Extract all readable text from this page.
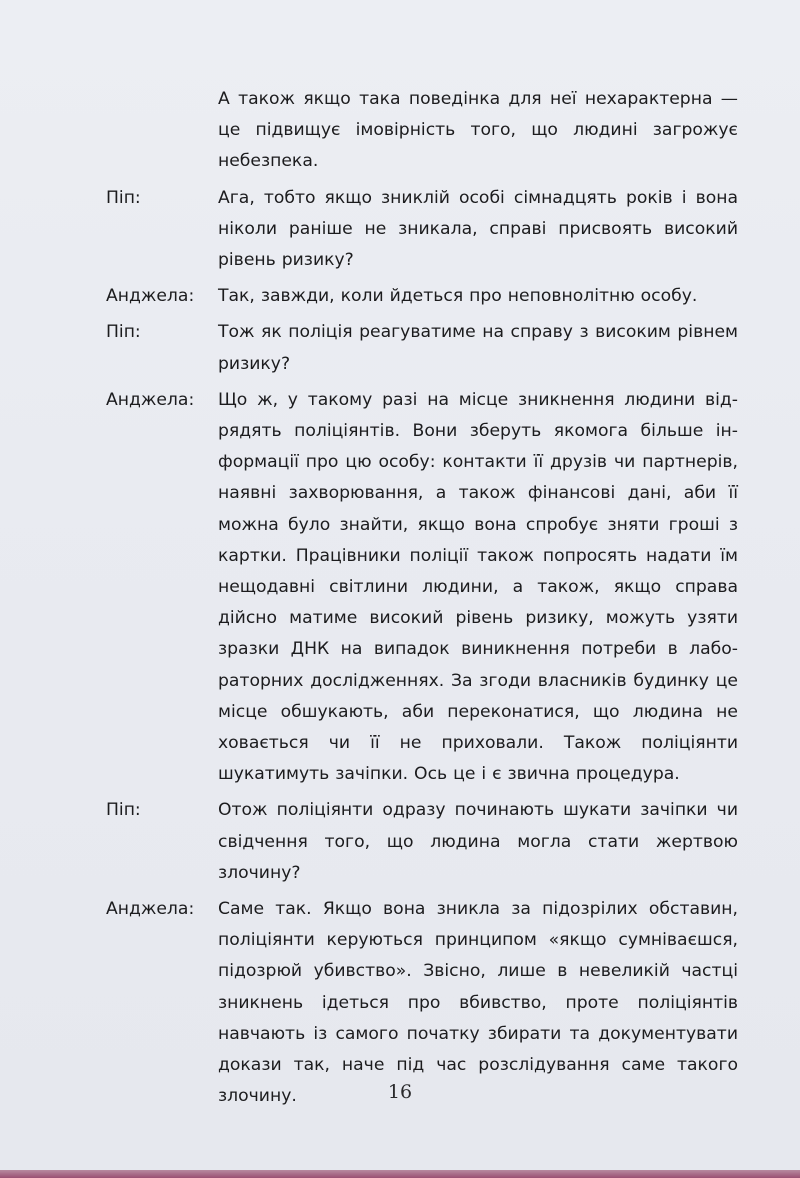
А також якщо така поведінка для неї нехарактерна — це підвищує імовірність того, що людині загрожує небезпека.
Піп:	Ага, тобто якщо зниклій особі сімнадцять років і вона ніколи раніше не зникала, справі присвоять високий рівень ризику?
Анджела:	Так, завжди, коли йдеться про неповнолітню особу.
Піп:	Тож як поліція реагуватиме на справу з високим рівнем ризику?
Анджела:	Що ж, у такому разі на місце зникнення людини відрядять поліціянтів. Вони зберуть якомога більше інформації про цю особу: контакти її друзів чи партнерів, наявні захворювання, а також фінансові дані, аби її можна було знайти, якщо вона спробує зняти гроші з картки. Працівники поліції також попросять надати їм нещодавні світлини людини, а також, якщо справа дійсно матиме високий рівень ризику, можуть узяти зразки ДНК на випадок виникнення потреби в лабораторних дослідженнях. За згоди власників будинку це місце обшукають, аби переконатися, що людина не ховається чи її не приховали. Також поліціянти шукатимуть зачіпки. Ось це і є звична процедура.
Піп:	Отож поліціянти одразу починають шукати зачіпки чи свідчення того, що людина могла стати жертвою злочину?
Анджела:	Саме так. Якщо вона зникла за підозрілих обставин, поліціянти керуються принципом «якщо сумніваєшся, підозрюй убивство». Звісно, лише в невеликій частці зникнень ідеться про вбивство, проте поліціянтів навчають із самого початку збирати та документувати докази так, наче під час розслідування саме такого злочину.	16
